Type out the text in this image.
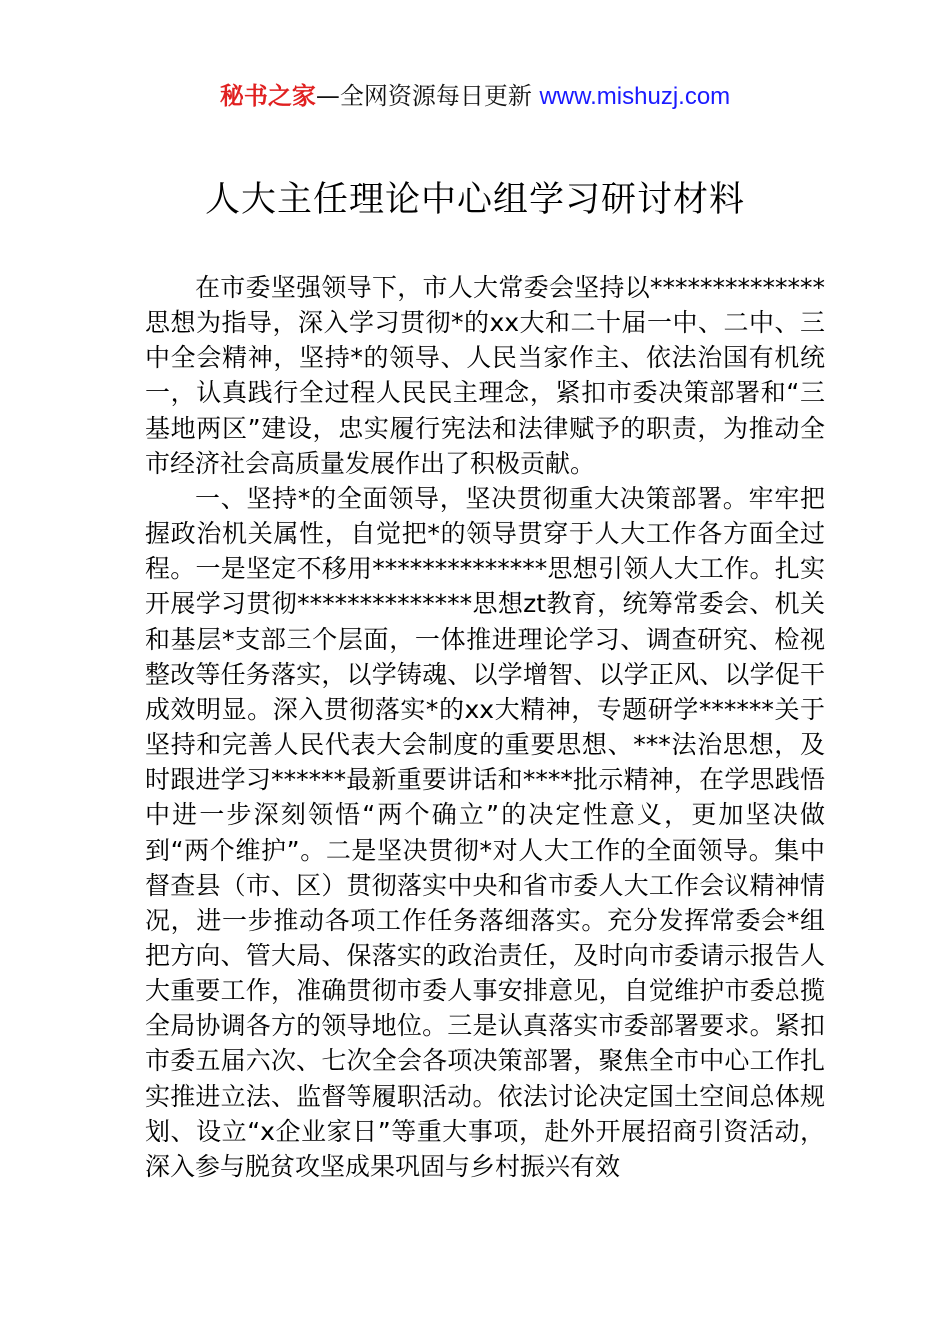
秘书之家—全网资源每日更新 www.mishuzj.com
人大主任理论中心组学习研讨材料

在市委坚强领导下，市人大常委会坚持以**************思想为指导，深入学习贯彻*的xx大和二十届一中、二中、三中全会精神，坚持*的领导、人民当家作主、依法治国有机统一，认真践行全过程人民民主理念，紧扣市委决策部署和“三基地两区”建设，忠实履行宪法和法律赋予的职责，为推动全市经济社会高质量发展作出了积极贡献。

一、坚持*的全面领导，坚决贯彻重大决策部署。牢牢把握政治机关属性，自觉把*的领导贯穿于人大工作各方面全过程。一是坚定不移用**************思想引领人大工作。扎实开展学习贯彻**************思想zt教育，统筹常委会、机关和基层*支部三个层面，一体推进理论学习、调查研究、检视整改等任务落实，以学铸魂、以学增智、以学正风、以学促干成效明显。深入贯彻落实*的xx大精神，专题研学******关于坚持和完善人民代表大会制度的重要思想、***法治思想，及时跟进学习******最新重要讲话和****批示精神，在学思践悟中进一步深刻领悟“两个确立”的决定性意义，更加坚决做到“两个维护”。二是坚决贯彻*对人大工作的全面领导。集中督查县（市、区）贯彻落实中央和省市委人大工作会议精神情况，进一步推动各项工作任务落细落实。充分发挥常委会*组把方向、管大局、保落实的政治责任，及时向市委请示报告人大重要工作，准确贯彻市委人事安排意见，自觉维护市委总揽全局协调各方的领导地位。三是认真落实市委部署要求。紧扣市委五届六次、七次全会各项决策部署，聚焦全市中心工作扎实推进立法、监督等履职活动。依法讨论决定国土空间总体规划、设立“x企业家日”等重大事项，赴外开展招商引资活动，深入参与脱贫攻坚成果巩固与乡村振兴有效
